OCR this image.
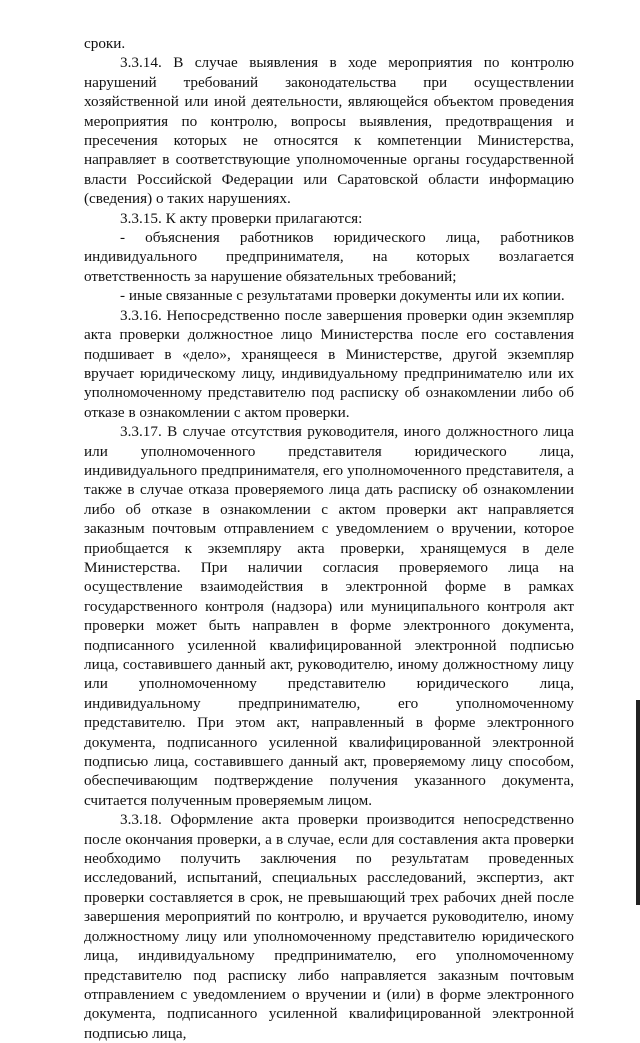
сроки.

3.3.14. В случае выявления в ходе мероприятия по контролю нарушений требований законодательства при осуществлении хозяйственной или иной деятельности, являющейся объектом проведения мероприятия по контролю, вопросы выявления, предотвращения и пресечения которых не относятся к компетенции Министерства, направляет в соответствующие уполномоченные органы государственной власти Российской Федерации или Саратовской области информацию (сведения) о таких нарушениях.

3.3.15. К акту проверки прилагаются:

- объяснения работников юридического лица, работников индивидуального предпринимателя, на которых возлагается ответственность за нарушение обязательных требований;

- иные связанные с результатами проверки документы или их копии.

3.3.16. Непосредственно после завершения проверки один экземпляр акта проверки должностное лицо Министерства после его составления подшивает в «дело», хранящееся в Министерстве, другой экземпляр вручает юридическому лицу, индивидуальному предпринимателю или их уполномоченному представителю под расписку об ознакомлении либо об отказе в ознакомлении с актом проверки.

3.3.17. В случае отсутствия руководителя, иного должностного лица или уполномоченного представителя юридического лица, индивидуального предпринимателя, его уполномоченного представителя, а также в случае отказа проверяемого лица дать расписку об ознакомлении либо об отказе в ознакомлении с актом проверки акт направляется заказным почтовым отправлением с уведомлением о вручении, которое приобщается к экземпляру акта проверки, хранящемуся в деле Министерства. При наличии согласия проверяемого лица на осуществление взаимодействия в электронной форме в рамках государственного контроля (надзора) или муниципального контроля акт проверки может быть направлен в форме электронного документа, подписанного усиленной квалифицированной электронной подписью лица, составившего данный акт, руководителю, иному должностному лицу или уполномоченному представителю юридического лица, индивидуальному предпринимателю, его уполномоченному представителю. При этом акт, направленный в форме электронного документа, подписанного усиленной квалифицированной электронной подписью лица, составившего данный акт, проверяемому лицу способом, обеспечивающим подтверждение получения указанного документа, считается полученным проверяемым лицом.

3.3.18. Оформление акта проверки производится непосредственно после окончания проверки, а в случае, если для составления акта проверки необходимо получить заключения по результатам проведенных исследований, испытаний, специальных расследований, экспертиз, акт проверки составляется в срок, не превышающий трех рабочих дней после завершения мероприятий по контролю, и вручается руководителю, иному должностному лицу или уполномоченному представителю юридического лица, индивидуальному предпринимателю, его уполномоченному представителю под расписку либо направляется заказным почтовым отправлением с уведомлением о вручении и (или) в форме электронного документа, подписанного усиленной квалифицированной электронной подписью лица,
